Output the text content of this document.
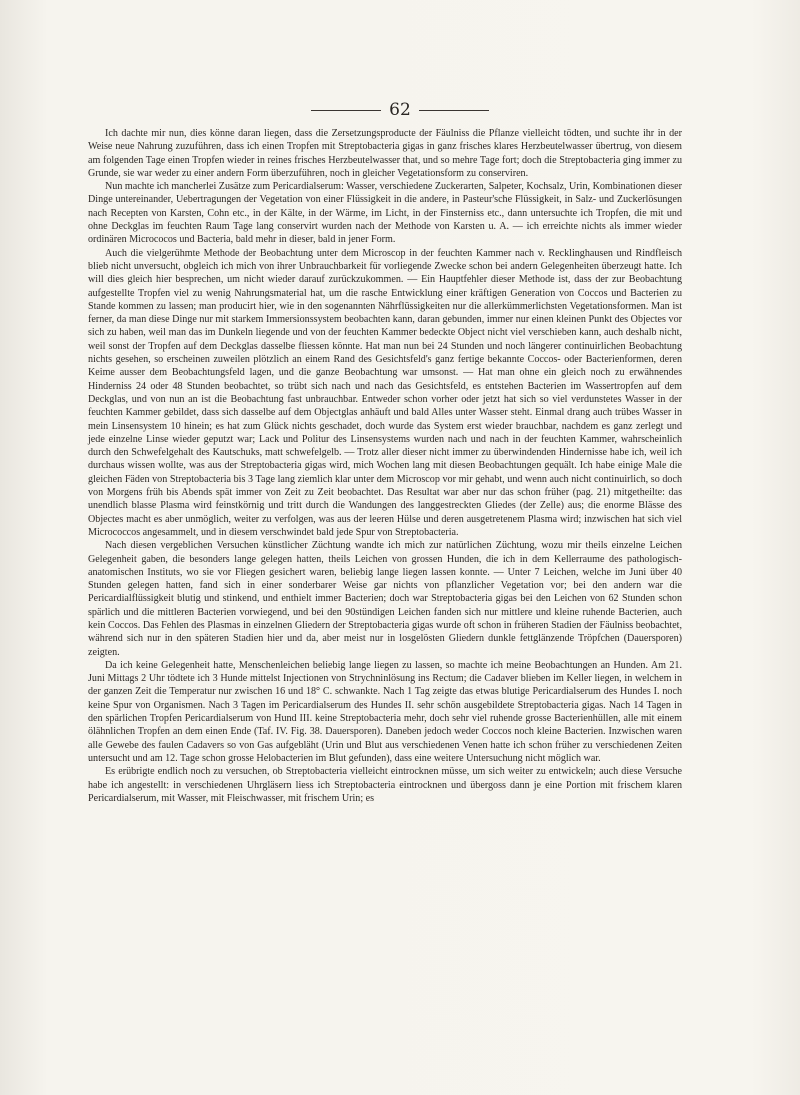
62

Ich dachte mir nun, dies könne daran liegen, dass die Zersetzungsproducte der Fäulniss die Pflanze vielleicht tödten, und suchte ihr in der Weise neue Nahrung zuzuführen, dass ich einen Tropfen mit Streptobacteria gigas in ganz frisches klares Herzbeutelwasser übertrug, von diesem am folgenden Tage einen Tropfen wieder in reines frisches Herzbeutelwasser that, und so mehre Tage fort; doch die Streptobacteria ging immer zu Grunde, sie war weder zu einer andern Form überzuführen, noch in gleicher Vegetationsform zu conserviren.

Nun machte ich mancherlei Zusätze zum Pericardialserum: Wasser, verschiedene Zuckerarten, Salpeter, Kochsalz, Urin, Kombinationen dieser Dinge untereinander, Uebertragungen der Vegetation von einer Flüssigkeit in die andere, in Pasteur'sche Flüssigkeit, in Salz- und Zuckerlösungen nach Recepten von Karsten, Cohn etc., in der Kälte, in der Wärme, im Licht, in der Finsterniss etc., dann untersuchte ich Tropfen, die mit und ohne Deckglas im feuchten Raum Tage lang conservirt wurden nach der Methode von Karsten u. A. — ich erreichte nichts als immer wieder ordinären Micrococos und Bacteria, bald mehr in dieser, bald in jener Form.

Auch die vielgerühmte Methode der Beobachtung unter dem Microscop in der feuchten Kammer nach v. Recklinghausen und Rindfleisch blieb nicht unversucht, obgleich ich mich von ihrer Unbrauchbarkeit für vorliegende Zwecke schon bei andern Gelegenheiten überzeugt hatte. Ich will dies gleich hier besprechen, um nicht wieder darauf zurückzukommen. — Ein Hauptfehler dieser Methode ist, dass der zur Beobachtung aufgestellte Tropfen viel zu wenig Nahrungsmaterial hat, um die rasche Entwicklung einer kräftigen Generation von Coccos und Bacterien zu Stande kommen zu lassen; man producirt hier, wie in den sogenannten Nährflüssigkeiten nur die allerkümmerlichsten Vegetationsformen. Man ist ferner, da man diese Dinge nur mit starkem Immersionssystem beobachten kann, daran gebunden, immer nur einen kleinen Punkt des Objectes vor sich zu haben, weil man das im Dunkeln liegende und von der feuchten Kammer bedeckte Object nicht viel verschieben kann, auch deshalb nicht, weil sonst der Tropfen auf dem Deckglas dasselbe fliessen könnte. Hat man nun bei 24 Stunden und noch längerer continuirlichen Beobachtung nichts gesehen, so erscheinen zuweilen plötzlich an einem Rand des Gesichtsfeld's ganz fertige bekannte Coccos- oder Bacterienformen, deren Keime ausser dem Beobachtungsfeld lagen, und die ganze Beobachtung war umsonst. — Hat man ohne ein gleich noch zu erwähnendes Hinderniss 24 oder 48 Stunden beobachtet, so trübt sich nach und nach das Gesichtsfeld, es entstehen Bacterien im Wassertropfen auf dem Deckglas, und von nun an ist die Beobachtung fast unbrauchbar. Entweder schon vorher oder jetzt hat sich so viel verdunstetes Wasser in der feuchten Kammer gebildet, dass sich dasselbe auf dem Objectglas anhäuft und bald Alles unter Wasser steht. Einmal drang auch trübes Wasser in mein Linsensystem 10 hinein; es hat zum Glück nichts geschadet, doch wurde das System erst wieder brauchbar, nachdem es ganz zerlegt und jede einzelne Linse wieder geputzt war; Lack und Politur des Linsensystems wurden nach und nach in der feuchten Kammer, wahrscheinlich durch den Schwefelgehalt des Kautschuks, matt schwefelgelb. — Trotz aller dieser nicht immer zu überwindenden Hindernisse habe ich, weil ich durchaus wissen wollte, was aus der Streptobacteria gigas wird, mich Wochen lang mit diesen Beobachtungen gequält. Ich habe einige Male die gleichen Fäden von Streptobacteria bis 3 Tage lang ziemlich klar unter dem Microscop vor mir gehabt, und wenn auch nicht continuirlich, so doch von Morgens früh bis Abends spät immer von Zeit zu Zeit beobachtet. Das Resultat war aber nur das schon früher (pag. 21) mitgetheilte: das unendlich blasse Plasma wird feinstkörnig und tritt durch die Wandungen des langgestreckten Gliedes (der Zelle) aus; die enorme Blässe des Objectes macht es aber unmöglich, weiter zu verfolgen, was aus der leeren Hülse und deren ausgetretenem Plasma wird; inzwischen hat sich viel Micrococcos angesammelt, und in diesem verschwindet bald jede Spur von Streptobacteria.

Nach diesen vergeblichen Versuchen künstlicher Züchtung wandte ich mich zur natürlichen Züchtung, wozu mir theils einzelne Leichen Gelegenheit gaben, die besonders lange gelegen hatten, theils Leichen von grossen Hunden, die ich in dem Kellerraume des pathologisch-anatomischen Instituts, wo sie vor Fliegen gesichert waren, beliebig lange liegen lassen konnte. — Unter 7 Leichen, welche im Juni über 40 Stunden gelegen hatten, fand sich in einer sonderbarer Weise gar nichts von pflanzlicher Vegetation vor; bei den andern war die Pericardialflüssigkeit blutig und stinkend, und enthielt immer Bacterien; doch war Streptobacteria gigas bei den Leichen von 62 Stunden schon spärlich und die mittleren Bacterien vorwiegend, und bei den 90stündigen Leichen fanden sich nur mittlere und kleine ruhende Bacterien, auch kein Coccos. Das Fehlen des Plasmas in einzelnen Gliedern der Streptobacteria gigas wurde oft schon in früheren Stadien der Fäulniss beobachtet, während sich nur in den späteren Stadien hier und da, aber meist nur in losgelösten Gliedern dunkle fettglänzende Tröpfchen (Dauersporen) zeigten.

Da ich keine Gelegenheit hatte, Menschenleichen beliebig lange liegen zu lassen, so machte ich meine Beobachtungen an Hunden. Am 21. Juni Mittags 2 Uhr tödtete ich 3 Hunde mittelst Injectionen von Strychninlösung ins Rectum; die Cadaver blieben im Keller liegen, in welchem in der ganzen Zeit die Temperatur nur zwischen 16 und 18° C. schwankte. Nach 1 Tag zeigte das etwas blutige Pericardialserum des Hundes I. noch keine Spur von Organismen. Nach 3 Tagen im Pericardialserum des Hundes II. sehr schön ausgebildete Streptobacteria gigas. Nach 14 Tagen in den spärlichen Tropfen Pericardialserum von Hund III. keine Streptobacteria mehr, doch sehr viel ruhende grosse Bacterienhüllen, alle mit einem ölähnlichen Tropfen an dem einen Ende (Taf. IV. Fig. 38. Dauersporen). Daneben jedoch weder Coccos noch kleine Bacterien. Inzwischen waren alle Gewebe des faulen Cadavers so von Gas aufgebläht (Urin und Blut aus verschiedenen Venen hatte ich schon früher zu verschiedenen Zeiten untersucht und am 12. Tage schon grosse Helobacterien im Blut gefunden), dass eine weitere Untersuchung nicht möglich war.

Es erübrigte endlich noch zu versuchen, ob Streptobacteria vielleicht eintrocknen müsse, um sich weiter zu entwickeln; auch diese Versuche habe ich angestellt: in verschiedenen Uhrgläsern liess ich Streptobacteria eintrocknen und übergoss dann je eine Portion mit frischem klaren Pericardialserum, mit Wasser, mit Fleischwasser, mit frischem Urin; es
